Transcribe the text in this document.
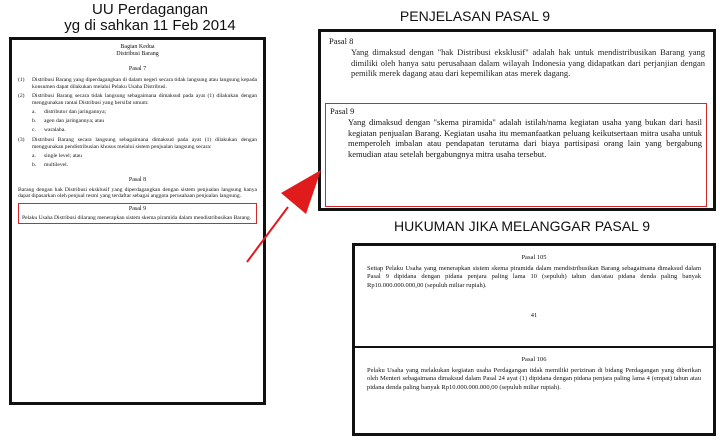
UU Perdagangan
yg di sahkan 11 Feb 2014
Bagian Kedua
Distribusi Barang
Pasal 7
(1)	Distribusi Barang yang diperdagangkan di dalam negeri secara tidak langsung atau langsung kepada konsumen dapat dilakukan melalui Pelaku Usaha Distribusi.
(2)	Distribusi Barang secara tidak langsung sebagaimana dimaksud pada ayat (1) dilakukan dengan menggunakan rantai Distribusi yang bersifat umum:
a.	distributor dan jaringannya;
b.	agen dan jaringannya; atau
c.	waralaba.
(3)	Distribusi Barang secara langsung sebagaimana dimaksud pada ayat (1) dilakukan dengan menggunakan pendistribusian khusus melalui sistem penjualan langsung secara:
a.	single level; atau
b.	multilevel.
Pasal 8

Barang dengan hak Distribusi eksklusif yang diperdagangkan dengan sistem penjualan langsung hanya dapat dipasarkan oleh penjual resmi yang terdaftar sebagai anggota perusahaan penjualan langsung.

Pasal 9

Pelaku Usaha Distribusi dilarang menerapkan sistem skema piramida dalam mendistribusikan Barang.

PENJELASAN PASAL 9
Pasal 8
Yang dimaksud dengan "hak Distribusi eksklusif" adalah hak untuk mendistribusikan Barang yang dimiliki oleh hanya satu perusahaan dalam wilayah Indonesia yang didapatkan dari perjanjian dengan pemilik merek dagang atau dari kepemilikan atas merek dagang.
Pasal 9
Yang dimaksud dengan "skema piramida" adalah istilah/nama kegiatan usaha yang bukan dari hasil kegiatan penjualan Barang. Kegiatan usaha itu memanfaatkan peluang keikutsertaan mitra usaha untuk memperoleh imbalan atau pendapatan terutama dari biaya partisipasi orang lain yang bergabung kemudian atau setelah bergabungnya mitra usaha tersebut.
HUKUMAN JIKA MELANGGAR PASAL 9
Pasal 105

Setiap Pelaku Usaha yang menerapkan sistem skema piramida dalam mendistribusikan Barang sebagaimana dimaksud dalam Pasal 9 dipidana dengan pidana penjara paling lama 10 (sepuluh) tahun dan/atau pidana denda paling banyak Rp10.000.000.000,00 (sepuluh miliar rupiah).

41
Pasal 106

Pelaku Usaha yang melakukan kegiatan usaha Perdagangan tidak memiliki perizinan di bidang Perdagangan yang diberikan oleh Menteri sebagaimana dimaksud dalam Pasal 24 ayat (1) dipidana dengan pidana penjara paling lama 4 (empat) tahun atau pidana denda paling banyak Rp10.000.000.000,00 (sepuluh miliar rupiah).
